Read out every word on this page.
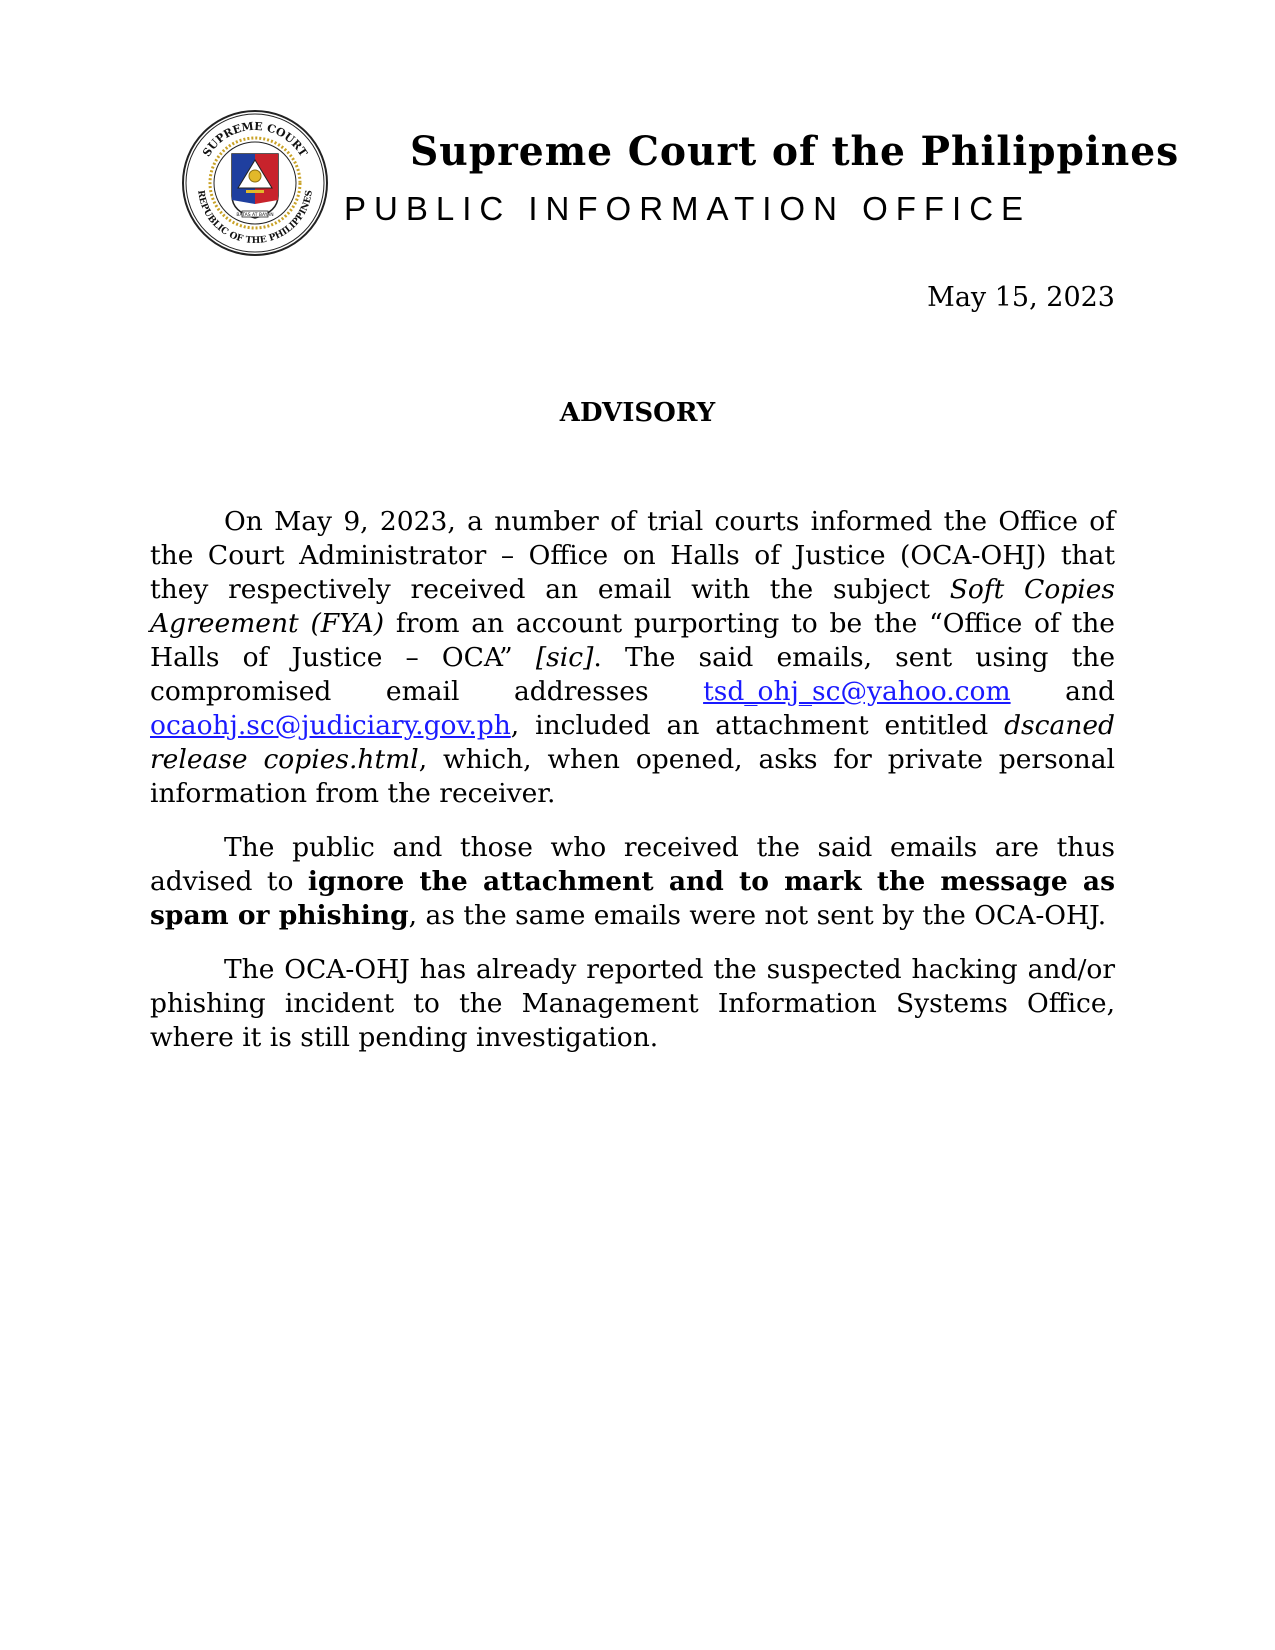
SUPREME COURT
REPUBLIC OF THE PHILIPPINES
BATAS AT BAYAN
Supreme Court of the Philippines
PUBLIC INFORMATION OFFICE
May 15, 2023
ADVISORY

On May 9, 2023, a number of trial courts informed the Office of the Court Administrator – Office on Halls of Justice (OCA-OHJ) that they respectively received an email with the subject Soft Copies Agreement (FYA) from an account purporting to be the “Office of the Halls of Justice – OCA” [sic]. The said emails, sent using the compromised email addresses tsd_ohj_sc@yahoo.com and ocaohj.sc@judiciary.gov.ph, included an attachment entitled dscaned release copies.html, which, when opened, asks for private personal information from the receiver.

The public and those who received the said emails are thus advised to ignore the attachment and to mark the message as spam or phishing, as the same emails were not sent by the OCA-OHJ.

The OCA-OHJ has already reported the suspected hacking and/or phishing incident to the Management Information Systems Office, where it is still pending investigation.
